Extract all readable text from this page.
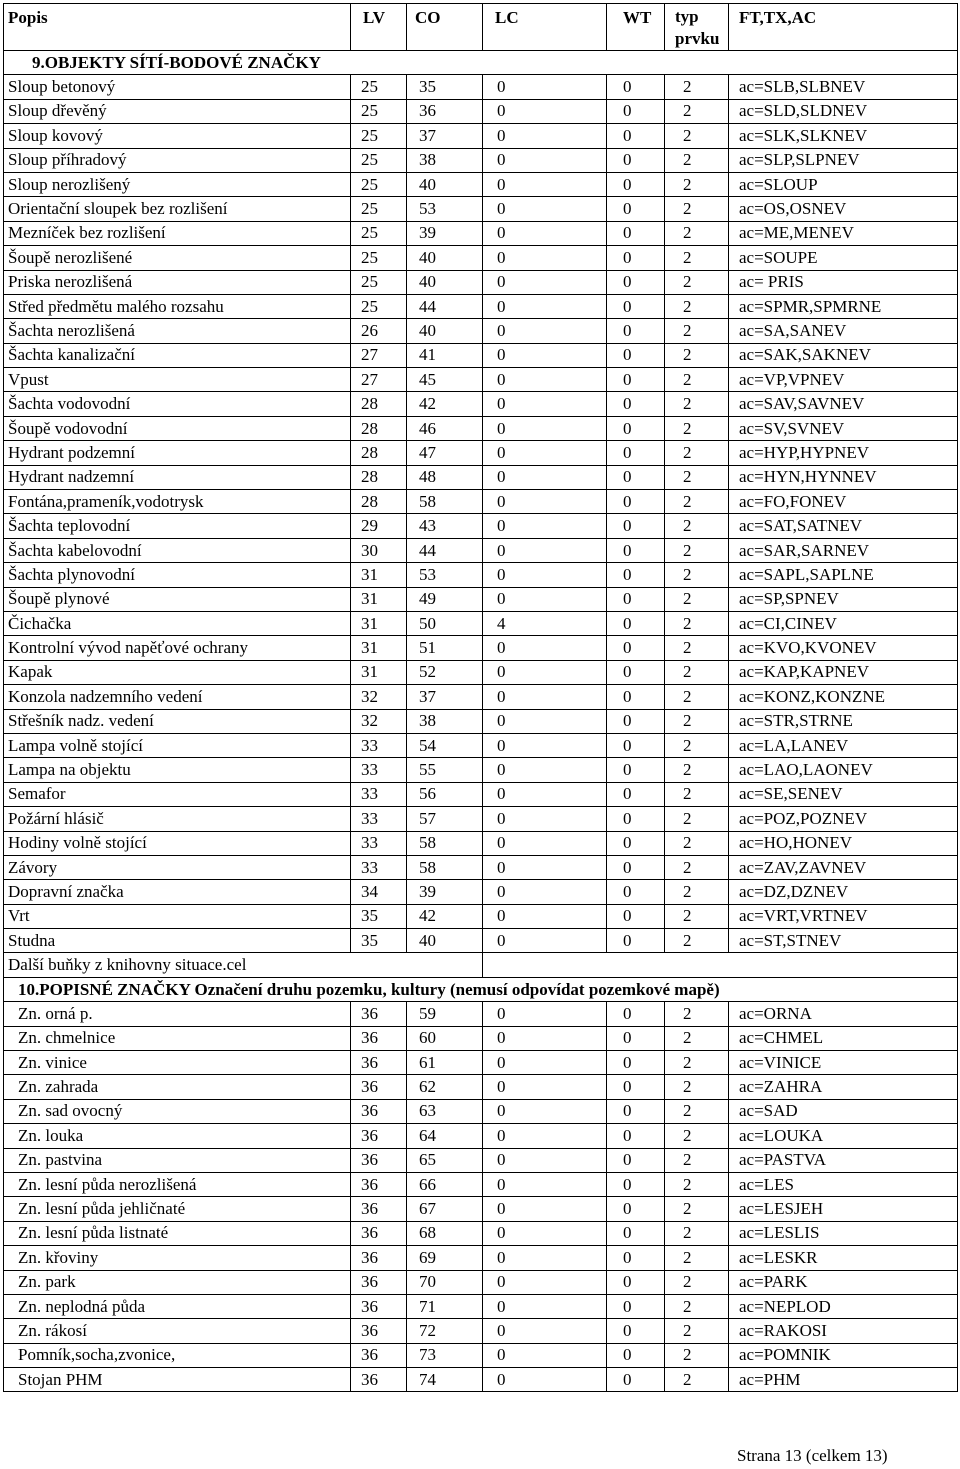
Popis	LV	CO	LC	WT	typ prvku	FT,TX,AC
9.OBJEKTY SÍTÍ-BODOVÉ ZNAČKY						
Sloup betonový	25	35	0	0	2	ac=SLB,SLBNEV
Sloup dřevěný	25	36	0	0	2	ac=SLD,SLDNEV
Sloup kovový	25	37	0	0	2	ac=SLK,SLKNEV
Sloup příhradový	25	38	0	0	2	ac=SLP,SLPNEV
Sloup nerozlišený	25	40	0	0	2	ac=SLOUP
Orientační sloupek bez rozlišení	25	53	0	0	2	ac=OS,OSNEV
Mezníček bez rozlišení	25	39	0	0	2	ac=ME,MENEV
Šoupě nerozlišené	25	40	0	0	2	ac=SOUPE
Priska nerozlišená	25	40	0	0	2	ac= PRIS
Střed předmětu malého rozsahu	25	44	0	0	2	ac=SPMR,SPMRNE
Šachta nerozlišená	26	40	0	0	2	ac=SA,SANEV
Šachta kanalizační	27	41	0	0	2	ac=SAK,SAKNEV
Vpust	27	45	0	0	2	ac=VP,VPNEV
Šachta vodovodní	28	42	0	0	2	ac=SAV,SAVNEV
Šoupě vodovodní	28	46	0	0	2	ac=SV,SVNEV
Hydrant podzemní	28	47	0	0	2	ac=HYP,HYPNEV
Hydrant nadzemní	28	48	0	0	2	ac=HYN,HYNNEV
Fontána,prameník,vodotrysk	28	58	0	0	2	ac=FO,FONEV
Šachta teplovodní	29	43	0	0	2	ac=SAT,SATNEV
Šachta kabelovodní	30	44	0	0	2	ac=SAR,SARNEV
Šachta plynovodní	31	53	0	0	2	ac=SAPL,SAPLNE
Šoupě plynové	31	49	0	0	2	ac=SP,SPNEV
Čichačka	31	50	4	0	2	ac=CI,CINEV
Kontrolní vývod napěťové ochrany	31	51	0	0	2	ac=KVO,KVONEV
Kapak	31	52	0	0	2	ac=KAP,KAPNEV
Konzola nadzemního vedení	32	37	0	0	2	ac=KONZ,KONZNE
Střešník nadz. vedení	32	38	0	0	2	ac=STR,STRNE
Lampa volně stojící	33	54	0	0	2	ac=LA,LANEV
Lampa na objektu	33	55	0	0	2	ac=LAO,LAONEV
Semafor	33	56	0	0	2	ac=SE,SENEV
Požární hlásič	33	57	0	0	2	ac=POZ,POZNEV
Hodiny volně stojící	33	58	0	0	2	ac=HO,HONEV
Závory	33	58	0	0	2	ac=ZAV,ZAVNEV
Dopravní značka	34	39	0	0	2	ac=DZ,DZNEV
Vrt	35	42	0	0	2	ac=VRT,VRTNEV
Studna	35	40	0	0	2	ac=ST,STNEV
Další buňky z knihovny situace.cel						
10.POPISNÉ ZNAČKY Označení druhu pozemku, kultury (nemusí odpovídat pozemkové mapě)						
Zn. orná p.	36	59	0	0	2	ac=ORNA
Zn. chmelnice	36	60	0	0	2	ac=CHMEL
Zn. vinice	36	61	0	0	2	ac=VINICE
Zn. zahrada	36	62	0	0	2	ac=ZAHRA
Zn. sad ovocný	36	63	0	0	2	ac=SAD
Zn. louka	36	64	0	0	2	ac=LOUKA
Zn. pastvina	36	65	0	0	2	ac=PASTVA
Zn. lesní půda nerozlišená	36	66	0	0	2	ac=LES
Zn. lesní půda jehličnaté	36	67	0	0	2	ac=LESJEH
Zn. lesní půda listnaté	36	68	0	0	2	ac=LESLIS
Zn. křoviny	36	69	0	0	2	ac=LESKR
Zn. park	36	70	0	0	2	ac=PARK
Zn. neplodná půda	36	71	0	0	2	ac=NEPLOD
Zn. rákosí	36	72	0	0	2	ac=RAKOSI
Pomník,socha,zvonice,	36	73	0	0	2	ac=POMNIK
Stojan PHM	36	74	0	0	2	ac=PHM
Strana 13 (celkem 13)
